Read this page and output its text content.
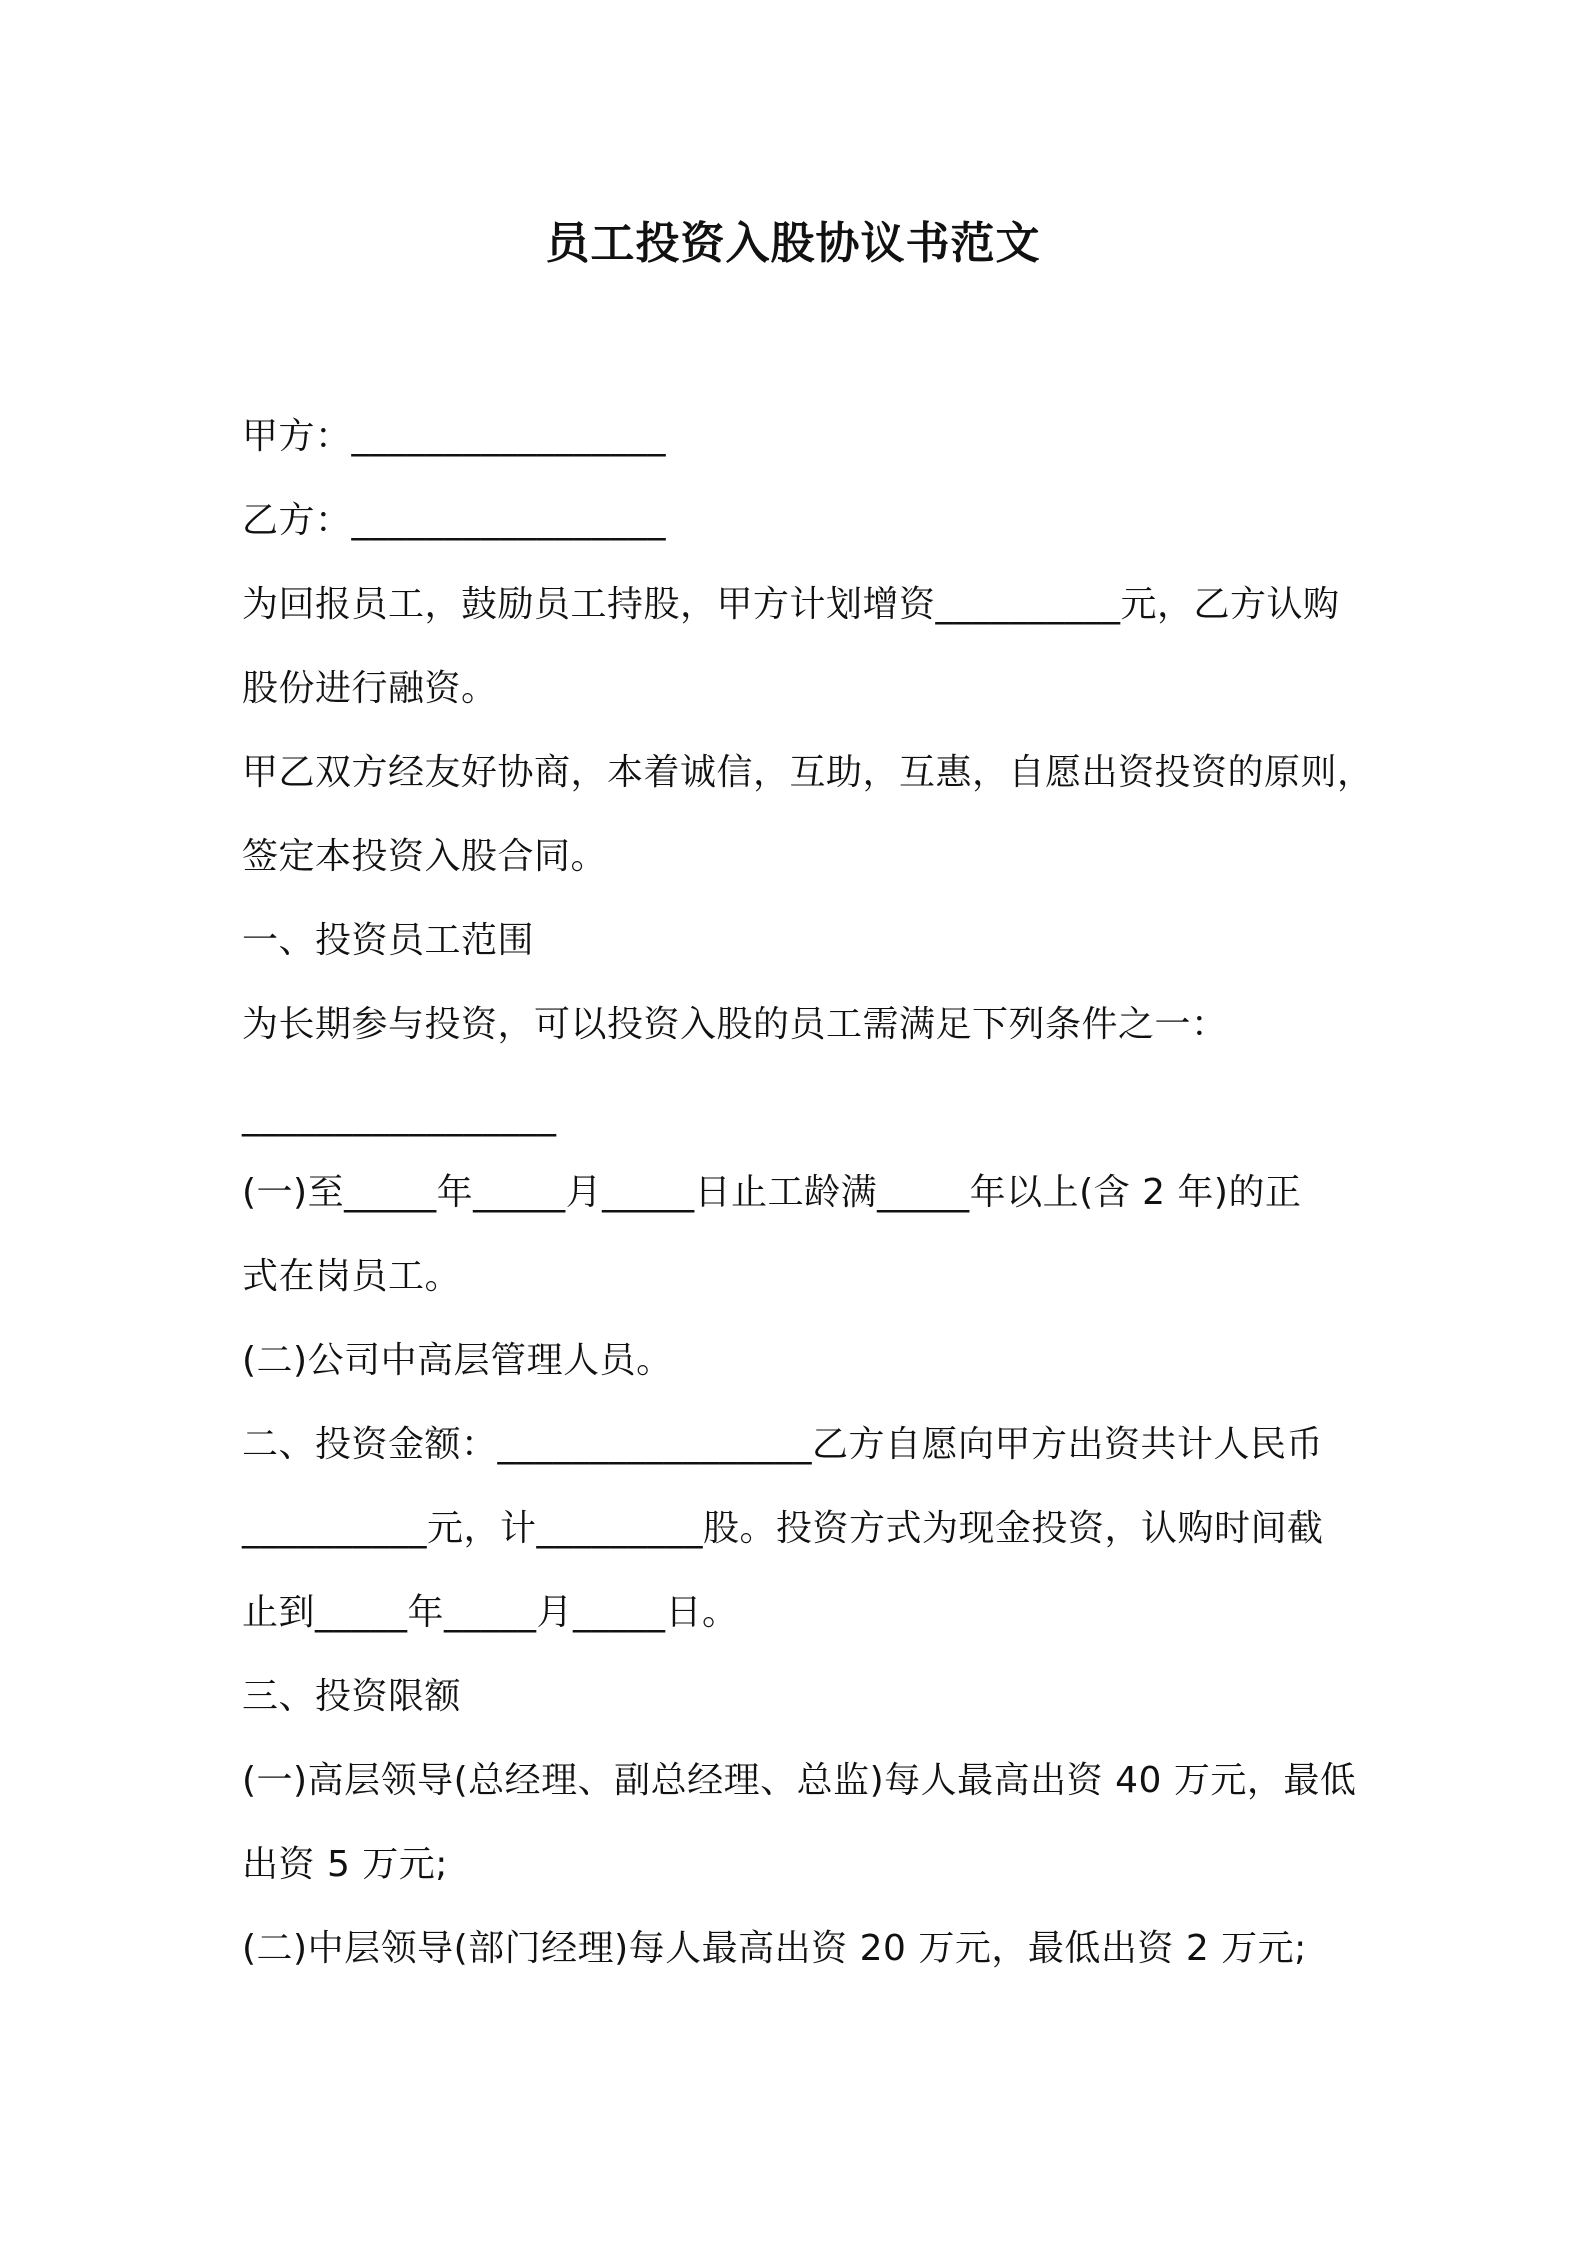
员工投资入股协议书范文
甲方：_________________
乙方：_________________
为回报员工，鼓励员工持股，甲方计划增资__________元，乙方认购
股份进行融资。
甲乙双方经友好协商，本着诚信，互助，互惠，自愿出资投资的原则，
签定本投资入股合同。
一、投资员工范围
为长期参与投资，可以投资入股的员工需满足下列条件之一：
_________________
(一)至_____年_____月_____日止工龄满_____年以上(含 2 年)的正
式在岗员工。
(二)公司中高层管理人员。
二、投资金额：_________________乙方自愿向甲方出资共计人民币
__________元，计_________股。投资方式为现金投资，认购时间截
止到_____年_____月_____日。
三、投资限额
(一)高层领导(总经理、副总经理、总监)每人最高出资 40 万元，最低
出资 5 万元;
(二)中层领导(部门经理)每人最高出资 20 万元，最低出资 2 万元;
